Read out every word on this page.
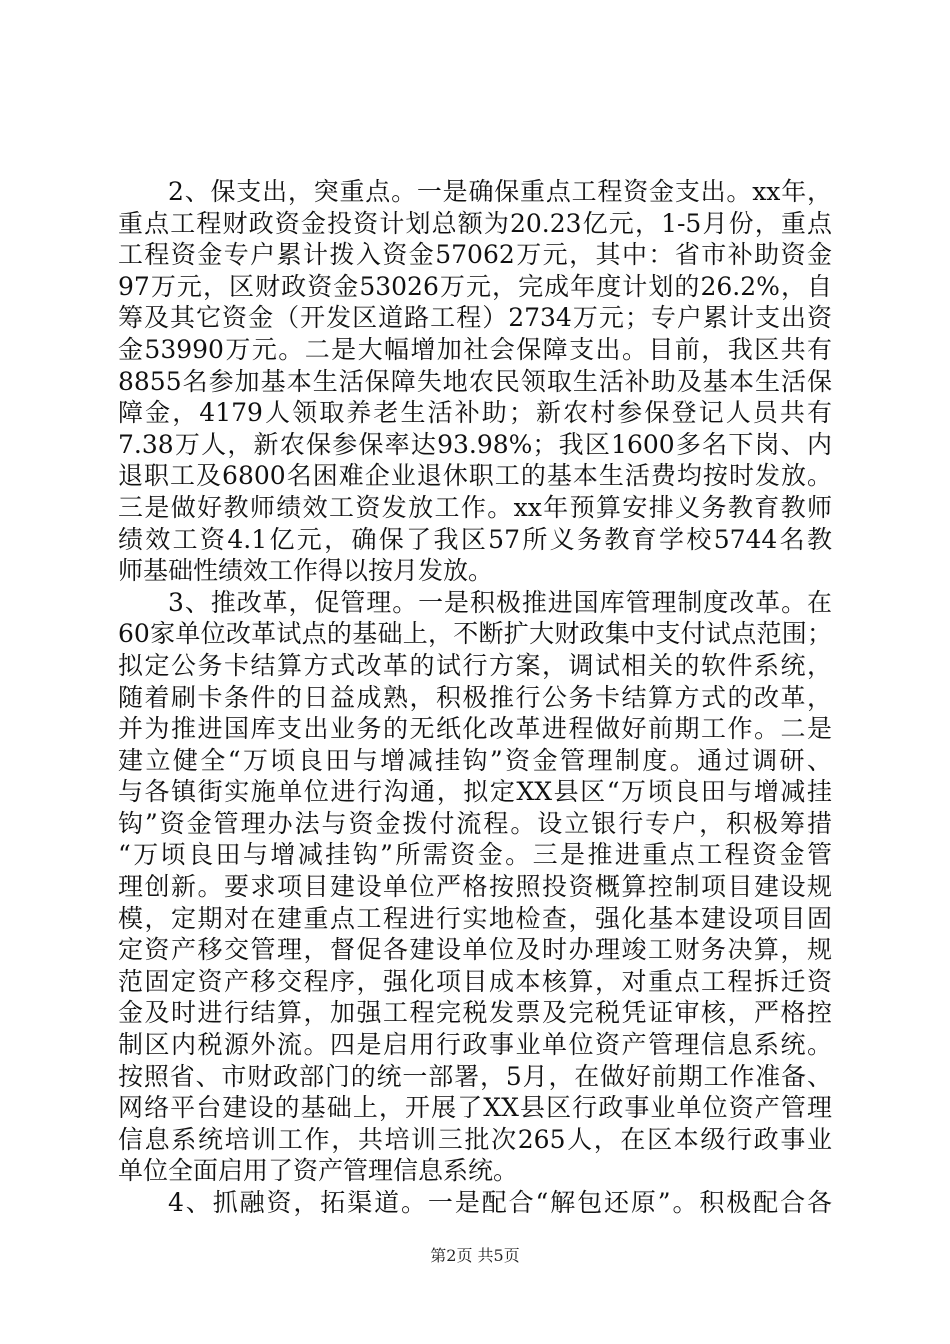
2、保支出，突重点。一是确保重点工程资金支出。xx年，
重点工程财政资金投资计划总额为20.23亿元，1-5月份，重点
工程资金专户累计拨入资金57062万元，其中：省市补助资金
97万元，区财政资金53026万元，完成年度计划的26.2%，自
筹及其它资金（开发区道路工程）2734万元；专户累计支出资
金53990万元。二是大幅增加社会保障支出。目前，我区共有
8855名参加基本生活保障失地农民领取生活补助及基本生活保
障金，4179人领取养老生活补助；新农村参保登记人员共有
7.38万人，新农保参保率达93.98%；我区1600多名下岗、内
退职工及6800名困难企业退休职工的基本生活费均按时发放。
三是做好教师绩效工资发放工作。xx年预算安排义务教育教师
绩效工资4.1亿元，确保了我区57所义务教育学校5744名教
师基础性绩效工作得以按月发放。
3、推改革，促管理。一是积极推进国库管理制度改革。在
60家单位改革试点的基础上，不断扩大财政集中支付试点范围；
拟定公务卡结算方式改革的试行方案，调试相关的软件系统，
随着刷卡条件的日益成熟，积极推行公务卡结算方式的改革，
并为推进国库支出业务的无纸化改革进程做好前期工作。二是
建立健全“万顷良田与增减挂钩”资金管理制度。通过调研、
与各镇街实施单位进行沟通，拟定XX县区“万顷良田与增减挂
钩”资金管理办法与资金拨付流程。设立银行专户，积极筹措
“万顷良田与增减挂钩”所需资金。三是推进重点工程资金管
理创新。要求项目建设单位严格按照投资概算控制项目建设规
模，定期对在建重点工程进行实地检查，强化基本建设项目固
定资产移交管理，督促各建设单位及时办理竣工财务决算，规
范固定资产移交程序，强化项目成本核算，对重点工程拆迁资
金及时进行结算，加强工程完税发票及完税凭证审核，严格控
制区内税源外流。四是启用行政事业单位资产管理信息系统。
按照省、市财政部门的统一部署，5月，在做好前期工作准备、
网络平台建设的基础上，开展了XX县区行政事业单位资产管理
信息系统培训工作，共培训三批次265人，在区本级行政事业
单位全面启用了资产管理信息系统。
4、抓融资，拓渠道。一是配合“解包还原”。积极配合各
第2页 共5页
